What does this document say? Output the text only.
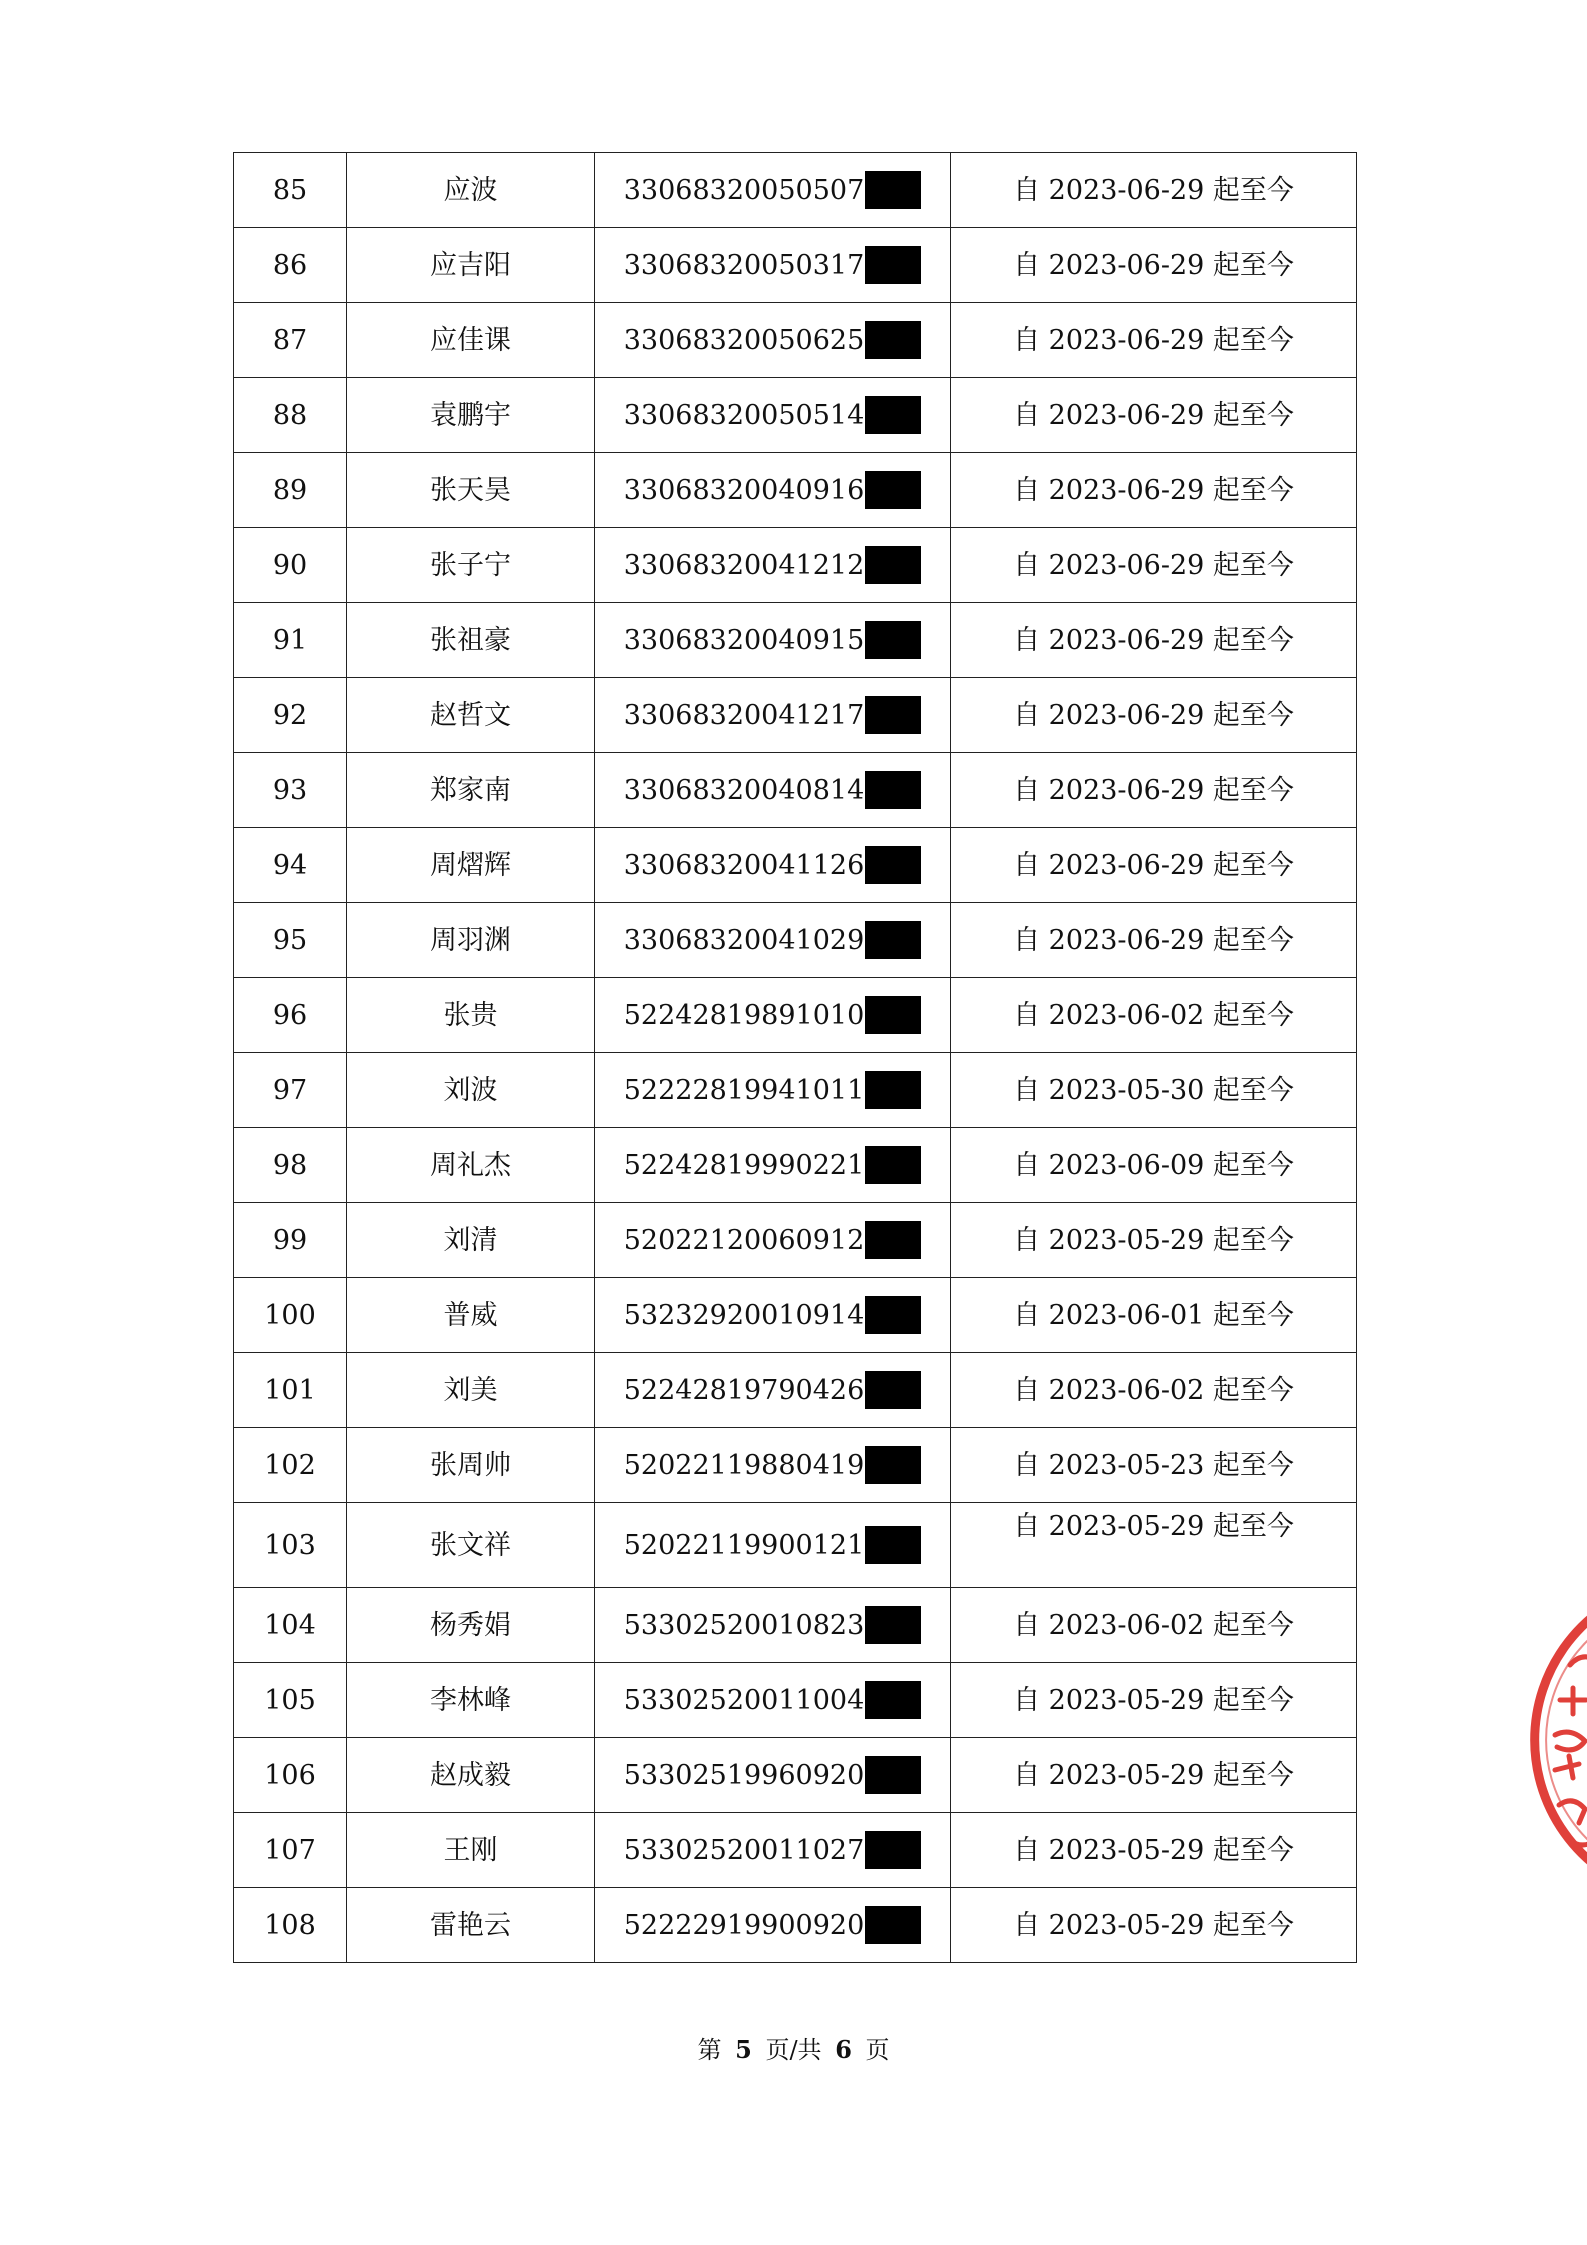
85	应波	33068320050507	自 2023-06-29 起至今
86	应吉阳	33068320050317	自 2023-06-29 起至今
87	应佳课	33068320050625	自 2023-06-29 起至今
88	袁鹏宇	33068320050514	自 2023-06-29 起至今
89	张天昊	33068320040916	自 2023-06-29 起至今
90	张子宁	33068320041212	自 2023-06-29 起至今
91	张祖豪	33068320040915	自 2023-06-29 起至今
92	赵哲文	33068320041217	自 2023-06-29 起至今
93	郑家南	33068320040814	自 2023-06-29 起至今
94	周熠辉	33068320041126	自 2023-06-29 起至今
95	周羽渊	33068320041029	自 2023-06-29 起至今
96	张贵	52242819891010	自 2023-06-02 起至今
97	刘波	52222819941011	自 2023-05-30 起至今
98	周礼杰	52242819990221	自 2023-06-09 起至今
99	刘清	52022120060912	自 2023-05-29 起至今
100	普威	53232920010914	自 2023-06-01 起至今
101	刘美	52242819790426	自 2023-06-02 起至今
102	张周帅	52022119880419	自 2023-05-23 起至今
103	张文祥	52022119900121	自 2023-05-29 起至今
104	杨秀娟	53302520010823	自 2023-06-02 起至今
105	李林峰	53302520011004	自 2023-05-29 起至今
106	赵成毅	53302519960920	自 2023-05-29 起至今
107	王刚	53302520011027	自 2023-05-29 起至今
108	雷艳云	52222919900920	自 2023-05-29 起至今
第 5 页/共 6 页
